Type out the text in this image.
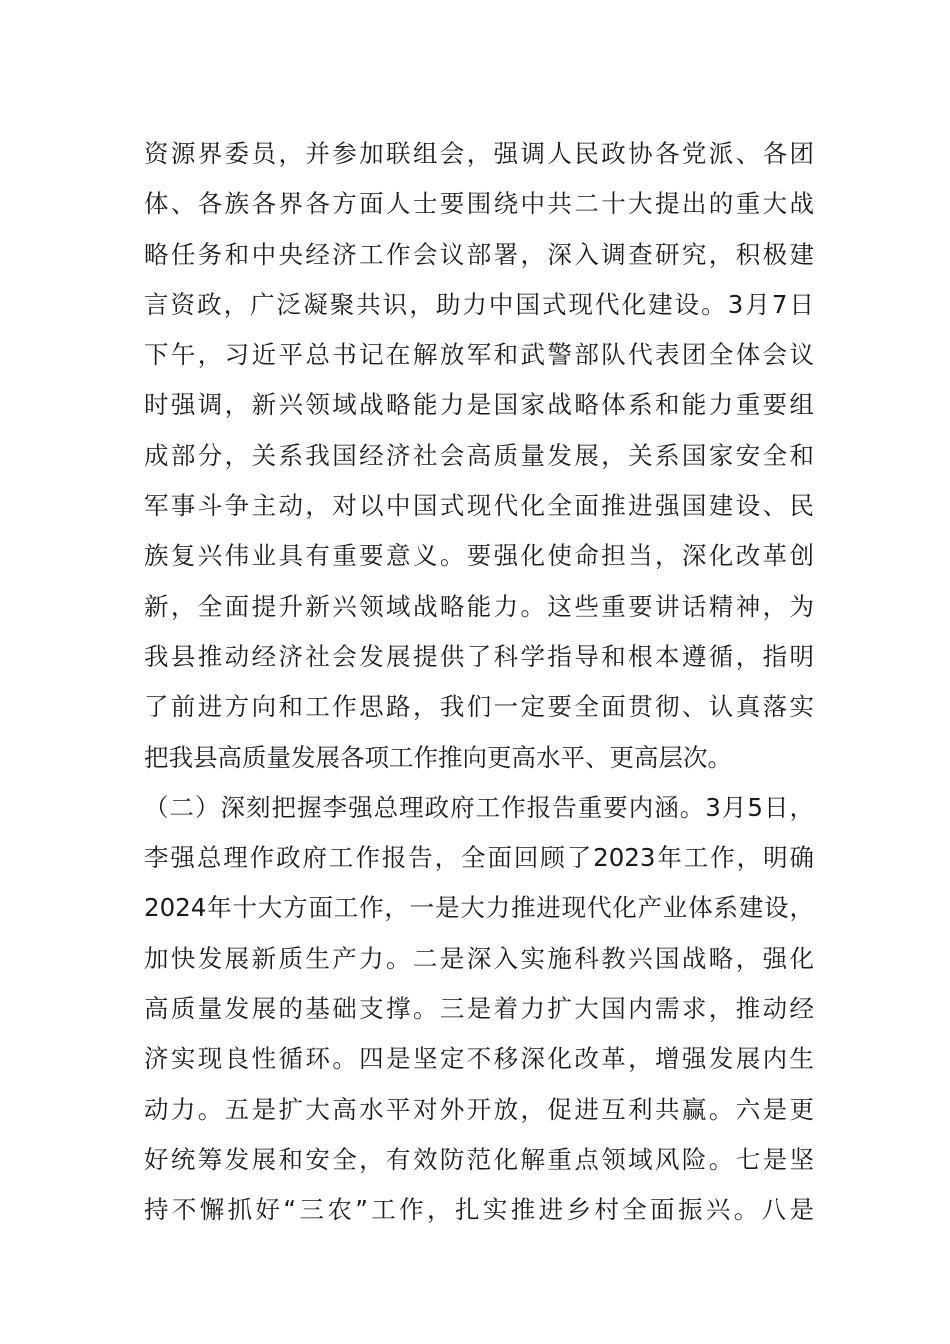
资源界委员，并参加联组会，强调人民政协各党派、各团
体、各族各界各方面人士要围绕中共二十大提出的重大战
略任务和中央经济工作会议部署，深入调查研究，积极建
言资政，广泛凝聚共识，助力中国式现代化建设。3月7日
下午，习近平总书记在解放军和武警部队代表团全体会议
时强调，新兴领域战略能力是国家战略体系和能力重要组
成部分，关系我国经济社会高质量发展，关系国家安全和
军事斗争主动，对以中国式现代化全面推进强国建设、民
族复兴伟业具有重要意义。要强化使命担当，深化改革创
新，全面提升新兴领域战略能力。这些重要讲话精神，为
我县推动经济社会发展提供了科学指导和根本遵循，指明
了前进方向和工作思路，我们一定要全面贯彻、认真落实
把我县高质量发展各项工作推向更高水平、更高层次。
（二）深刻把握李强总理政府工作报告重要内涵。3月5日，
李强总理作政府工作报告，全面回顾了2023年工作，明确
2024年十大方面工作，一是大力推进现代化产业体系建设，
加快发展新质生产力。二是深入实施科教兴国战略，强化
高质量发展的基础支撑。三是着力扩大国内需求，推动经
济实现良性循环。四是坚定不移深化改革，增强发展内生
动力。五是扩大高水平对外开放，促进互利共赢。六是更
好统筹发展和安全，有效防范化解重点领域风险。七是坚
持不懈抓好“三农”工作，扎实推进乡村全面振兴。八是
